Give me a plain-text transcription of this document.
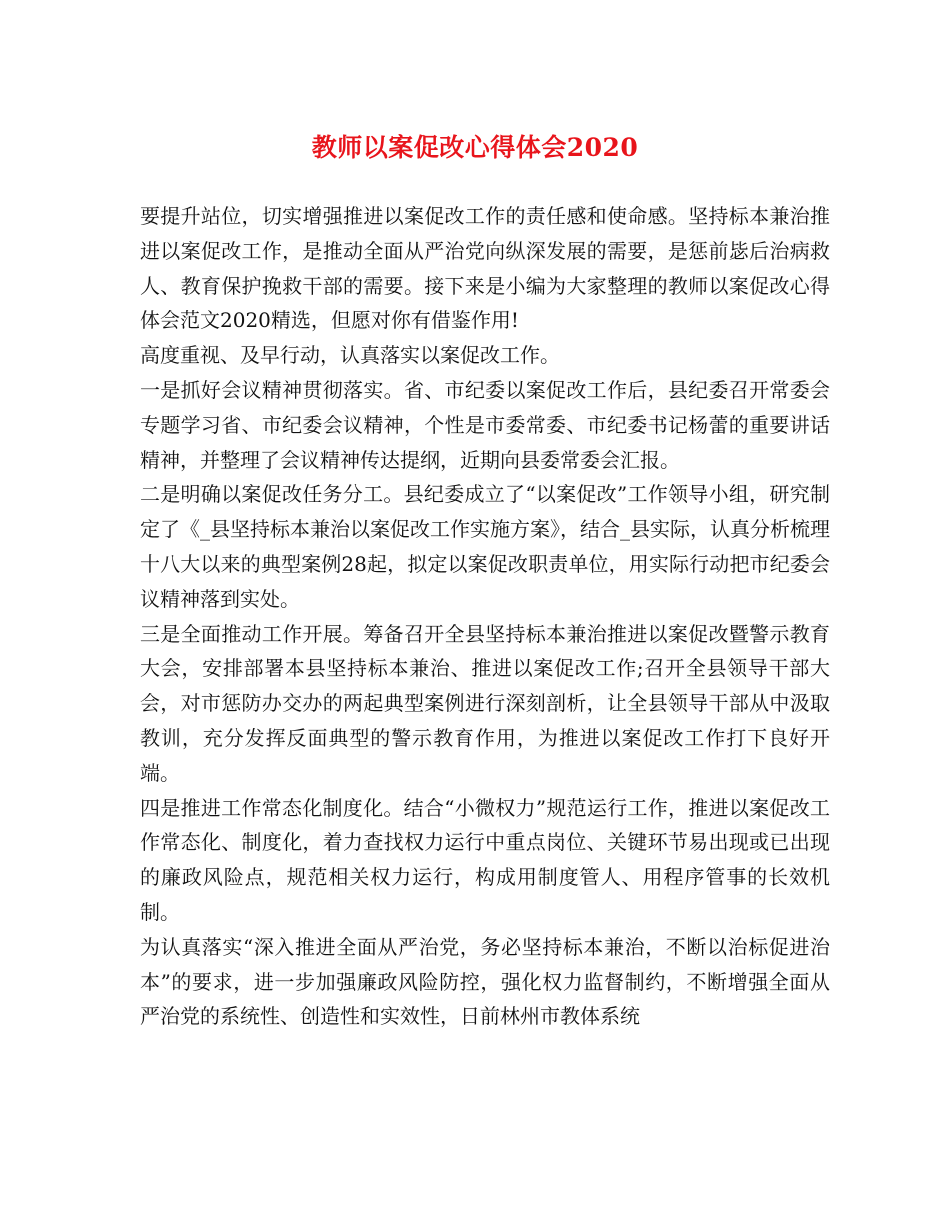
教师以案促改心得体会2020

要提升站位，切实增强推进以案促改工作的责任感和使命感。坚持标本兼治推进以案促改工作，是推动全面从严治党向纵深发展的需要，是惩前毖后治病救人、教育保护挽救干部的需要。接下来是小编为大家整理的教师以案促改心得体会范文2020精选，但愿对你有借鉴作用!

高度重视、及早行动，认真落实以案促改工作。

一是抓好会议精神贯彻落实。省、市纪委以案促改工作后，县纪委召开常委会专题学习省、市纪委会议精神，个性是市委常委、市纪委书记杨蕾的重要讲话精神，并整理了会议精神传达提纲，近期向县委常委会汇报。

二是明确以案促改任务分工。县纪委成立了“以案促改”工作领导小组，研究制定了《_县坚持标本兼治以案促改工作实施方案》，结合_县实际，认真分析梳理十八大以来的典型案例28起，拟定以案促改职责单位，用实际行动把市纪委会议精神落到实处。

三是全面推动工作开展。筹备召开全县坚持标本兼治推进以案促改暨警示教育大会，安排部署本县坚持标本兼治、推进以案促改工作;召开全县领导干部大会，对市惩防办交办的两起典型案例进行深刻剖析，让全县领导干部从中汲取教训，充分发挥反面典型的警示教育作用，为推进以案促改工作打下良好开端。

四是推进工作常态化制度化。结合“小微权力”规范运行工作，推进以案促改工作常态化、制度化，着力查找权力运行中重点岗位、关键环节易出现或已出现的廉政风险点，规范相关权力运行，构成用制度管人、用程序管事的长效机制。

为认真落实“深入推进全面从严治党，务必坚持标本兼治，不断以治标促进治本”的要求，进一步加强廉政风险防控，强化权力监督制约，不断增强全面从严治党的系统性、创造性和实效性，日前林州市教体系统
